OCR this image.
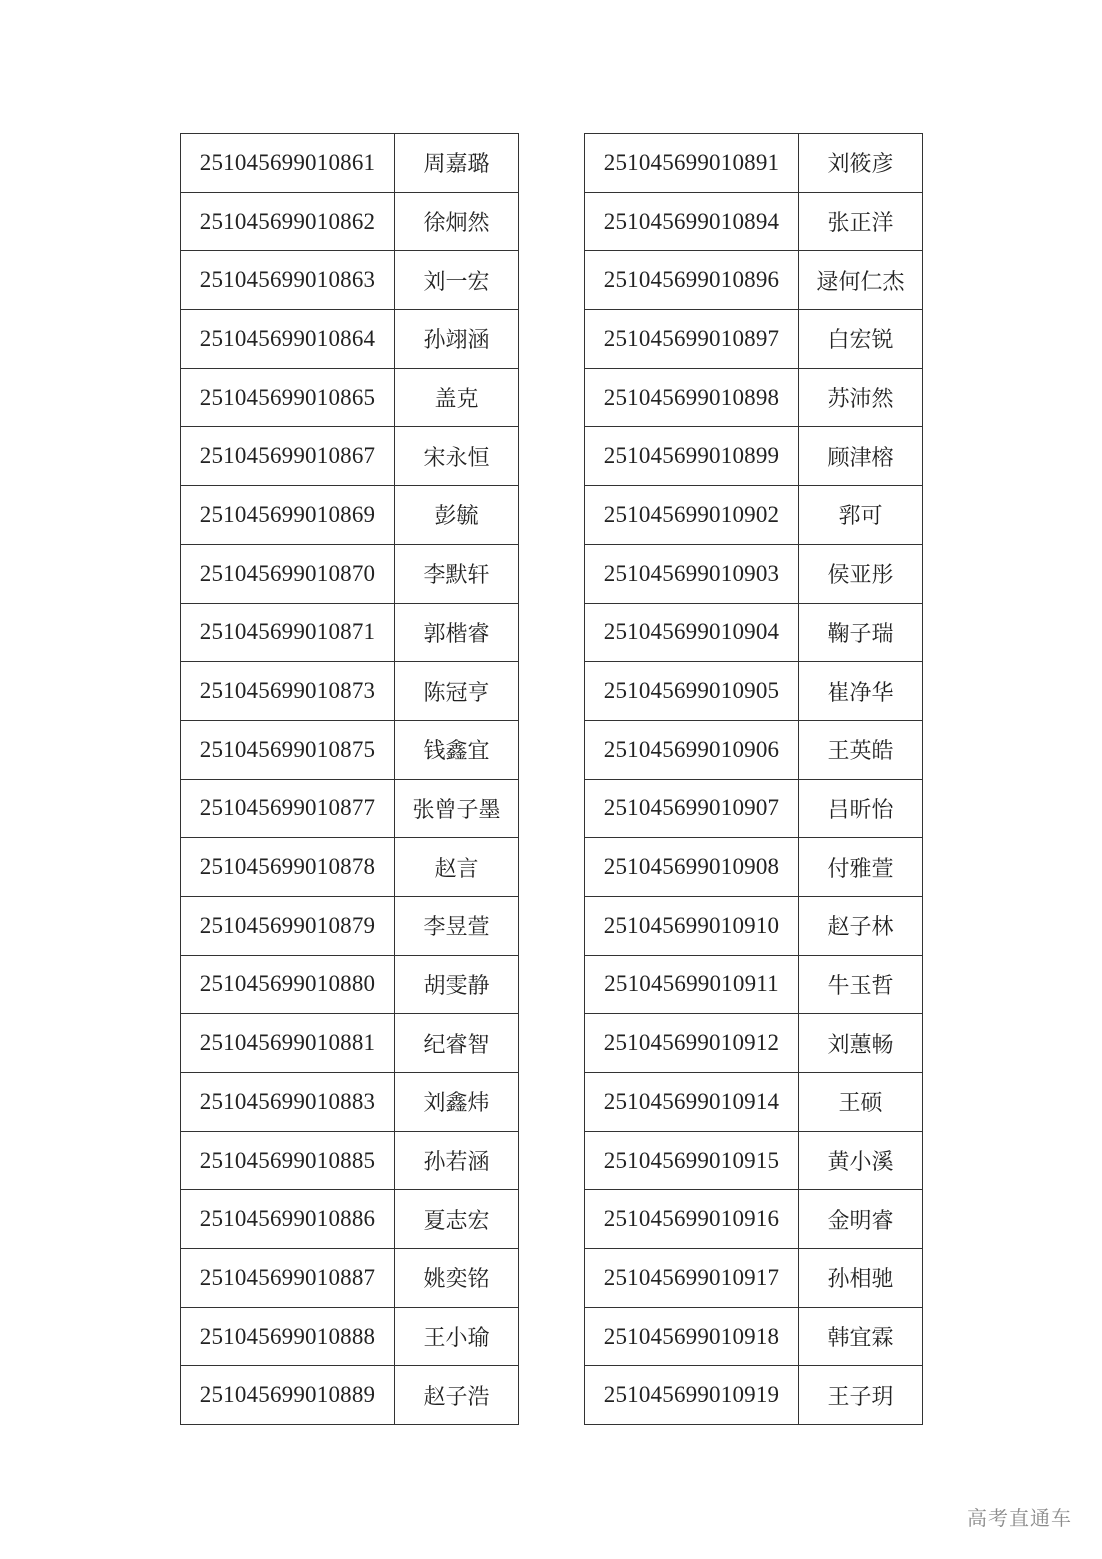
251045699010861	周嘉璐
251045699010862	徐炯然
251045699010863	刘一宏
251045699010864	孙翊涵
251045699010865	盖克
251045699010867	宋永恒
251045699010869	彭毓
251045699010870	李默轩
251045699010871	郭楷睿
251045699010873	陈冠亨
251045699010875	钱鑫宜
251045699010877	张曾子墨
251045699010878	赵言
251045699010879	李昱萱
251045699010880	胡雯静
251045699010881	纪睿智
251045699010883	刘鑫炜
251045699010885	孙若涵
251045699010886	夏志宏
251045699010887	姚奕铭
251045699010888	王小瑜
251045699010889	赵子浩
251045699010891	刘筱彦
251045699010894	张正洋
251045699010896	逯何仁杰
251045699010897	白宏锐
251045699010898	苏沛然
251045699010899	顾津榕
251045699010902	郛可
251045699010903	侯亚彤
251045699010904	鞠子瑞
251045699010905	崔净华
251045699010906	王英皓
251045699010907	吕昕怡
251045699010908	付雅萱
251045699010910	赵子林
251045699010911	牛玉哲
251045699010912	刘蕙畅
251045699010914	王硕
251045699010915	黄小溪
251045699010916	金明睿
251045699010917	孙相驰
251045699010918	韩宜霖
251045699010919	王子玥
高考直通车
